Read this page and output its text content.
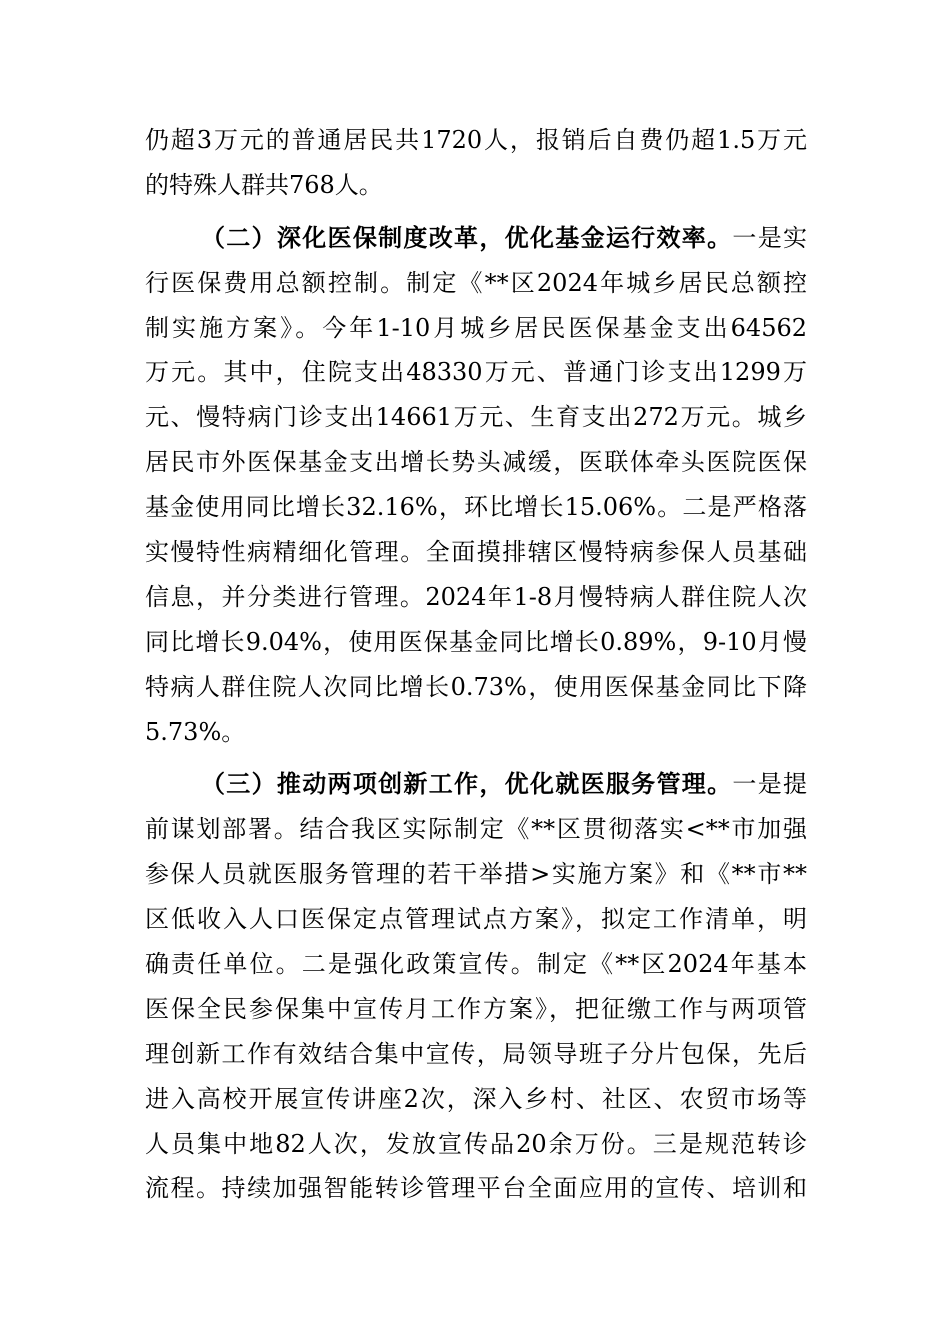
仍超3万元的普通居民共1720人，报销后自费仍超1.5万元
的特殊人群共768人。
（二）深化医保制度改革，优化基金运行效率。一是实
行医保费用总额控制。制定《**区2024年城乡居民总额控
制实施方案》。今年1-10月城乡居民医保基金支出64562
万元。其中，住院支出48330万元、普通门诊支出1299万
元、慢特病门诊支出14661万元、生育支出272万元。城乡
居民市外医保基金支出增长势头减缓，医联体牵头医院医保
基金使用同比增长32.16%，环比增长15.06%。二是严格落
实慢特性病精细化管理。全面摸排辖区慢特病参保人员基础
信息，并分类进行管理。2024年1-8月慢特病人群住院人次
同比增长9.04%，使用医保基金同比增长0.89%，9-10月慢
特病人群住院人次同比增长0.73%，使用医保基金同比下降
5.73%。
（三）推动两项创新工作，优化就医服务管理。一是提
前谋划部署。结合我区实际制定《**区贯彻落实<**市加强
参保人员就医服务管理的若干举措>实施方案》和《**市**
区低收入人口医保定点管理试点方案》，拟定工作清单，明
确责任单位。二是强化政策宣传。制定《**区2024年基本
医保全民参保集中宣传月工作方案》，把征缴工作与两项管
理创新工作有效结合集中宣传，局领导班子分片包保，先后
进入高校开展宣传讲座2次，深入乡村、社区、农贸市场等
人员集中地82人次，发放宣传品20余万份。三是规范转诊
流程。持续加强智能转诊管理平台全面应用的宣传、培训和
